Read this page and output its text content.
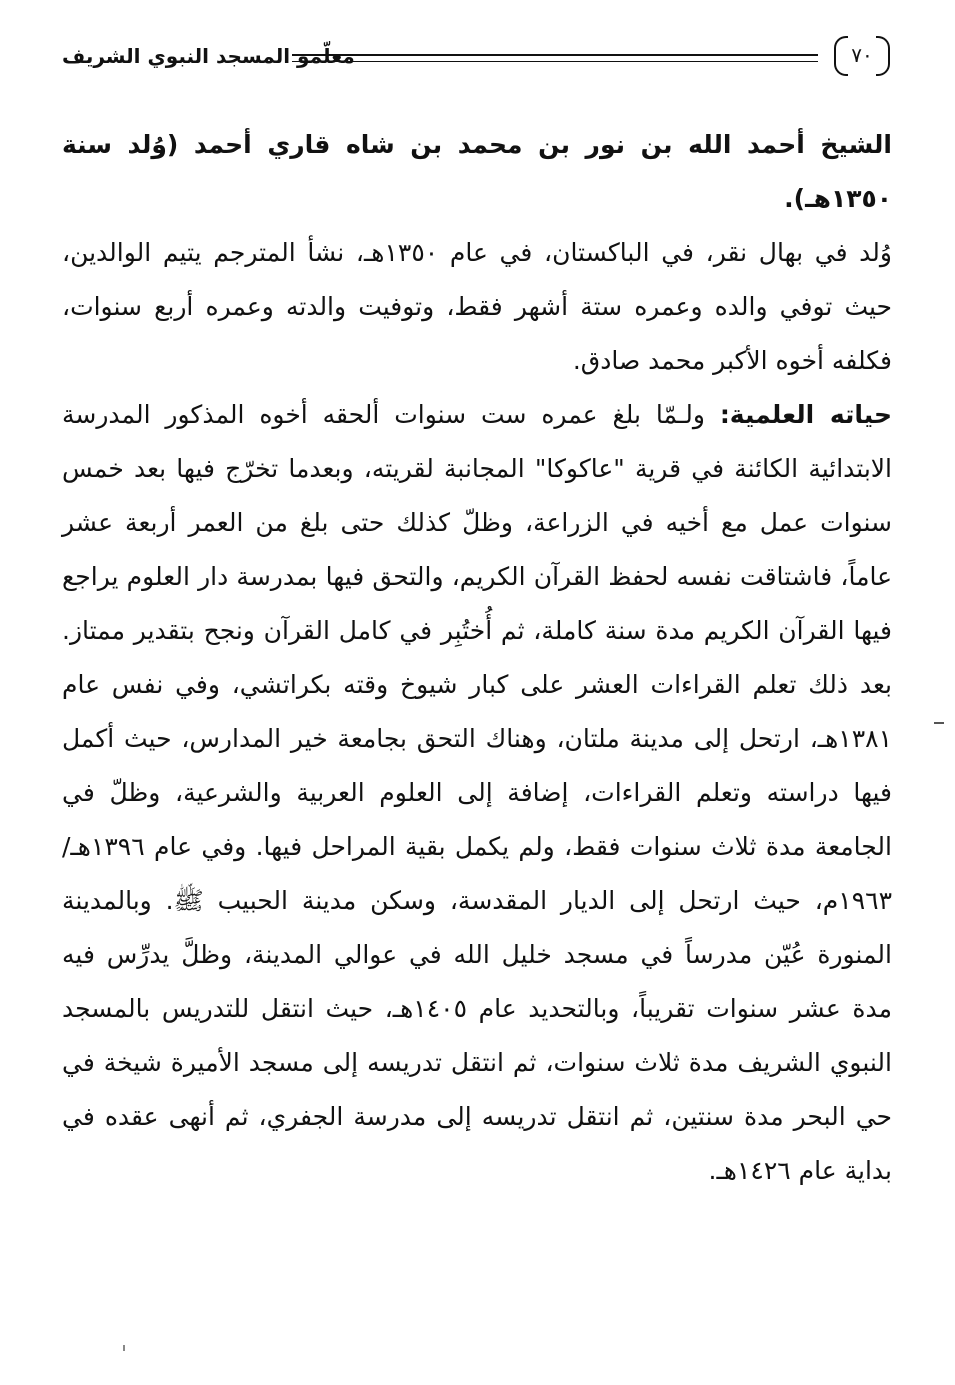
معلّمو المسجد النبوي الشريف	٧٠

الشيخ أحمد الله بن نور بن محمد بن شاه قاري أحمد (وُلد سنة ١٣٥٠هـ).

وُلد في بهال نقر، في الباكستان، في عام ١٣٥٠هـ، نشأ المترجم يتيم الوالدين، حيث توفي والده وعمره ستة أشهر فقط، وتوفيت والدته وعمره أربع سنوات، فكلفه أخوه الأكبر محمد صادق.

حياته العلمية: ولـمّا بلغ عمره ست سنوات ألحقه أخوه المذكور المدرسة الابتدائية الكائنة في قرية "عاكوكا" المجانبة لقريته، وبعدما تخرّج فيها بعد خمس سنوات عمل مع أخيه في الزراعة، وظلّ كذلك حتى بلغ من العمر أربعة عشر عاماً، فاشتاقت نفسه لحفظ القرآن الكريم، والتحق فيها بمدرسة دار العلوم يراجع فيها القرآن الكريم مدة سنة كاملة، ثم أُختُبِر في كامل القرآن ونجح بتقدير ممتاز. بعد ذلك تعلم القراءات العشر على كبار شيوخ وقته بكراتشي، وفي نفس عام ١٣٨١هـ، ارتحل إلى مدينة ملتان، وهناك التحق بجامعة خير المدارس، حيث أكمل فيها دراسته وتعلم القراءات، إضافة إلى العلوم العربية والشرعية، وظلّ في الجامعة مدة ثلاث سنوات فقط، ولم يكمل بقية المراحل فيها. وفي عام ١٣٩٦هـ/ ١٩٦٣م، حيث ارتحل إلى الديار المقدسة، وسكن مدينة الحبيب ﷺ. وبالمدينة المنورة عُيّن مدرساً في مسجد خليل الله في عوالي المدينة، وظلَّ يدرِّس فيه مدة عشر سنوات تقريباً، وبالتحديد عام ١٤٠٥هـ، حيث انتقل للتدريس بالمسجد النبوي الشريف مدة ثلاث سنوات، ثم انتقل تدريسه إلى مسجد الأميرة شيخة في حي البحر مدة سنتين، ثم انتقل تدريسه إلى مدرسة الجفري، ثم أنهى عقده في بداية عام ١٤٢٦هـ.
